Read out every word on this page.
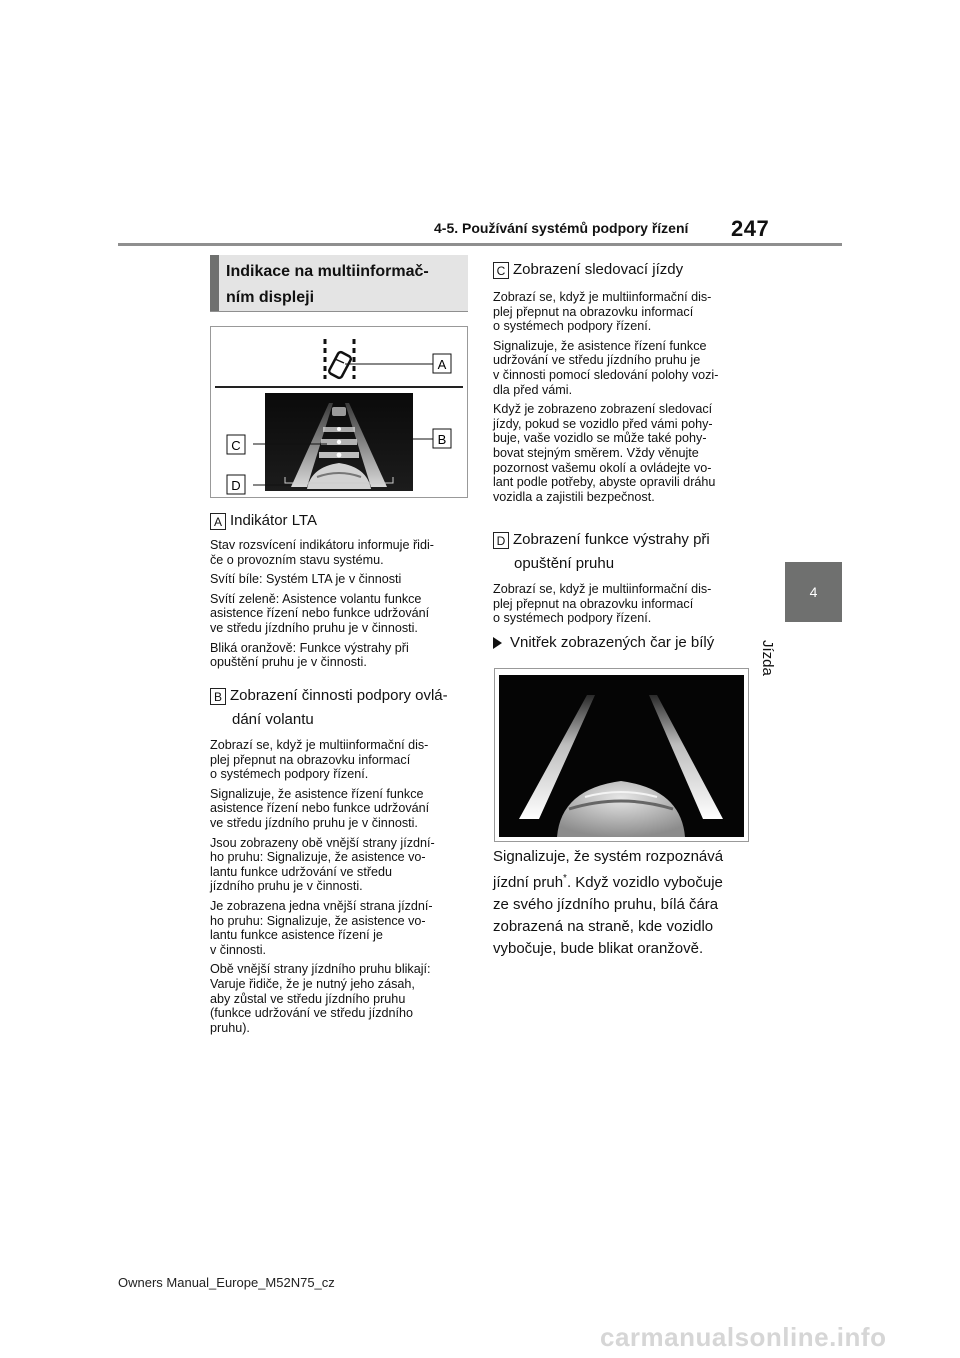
4-5. Používání systémů podpory řízení 247
4
Jízda
Indikace na multiinformač-
ním displeji
A
B
C
D
A Indikátor LTA
Stav rozsvícení indikátoru informuje řidi-
če o provozním stavu systému.
Svítí bíle: Systém LTA je v činnosti
Svítí zeleně: Asistence volantu funkce
asistence řízení nebo funkce udržování
ve středu jízdního pruhu je v činnosti.
Bliká oranžově: Funkce výstrahy při
opuštění pruhu je v činnosti.
B Zobrazení činnosti podpory ovlá-
dání volantu
Zobrazí se, když je multiinformační dis-
plej přepnut na obrazovku informací
o systémech podpory řízení.
Signalizuje, že asistence řízení funkce
asistence řízení nebo funkce udržování
ve středu jízdního pruhu je v činnosti.
Jsou zobrazeny obě vnější strany jízdní-
ho pruhu: Signalizuje, že asistence vo-
lantu funkce udržování ve středu
jízdního pruhu je v činnosti.
Je zobrazena jedna vnější strana jízdní-
ho pruhu: Signalizuje, že asistence vo-
lantu funkce asistence řízení je
v činnosti.
Obě vnější strany jízdního pruhu blikají:
Varuje řidiče, že je nutný jeho zásah,
aby zůstal ve středu jízdního pruhu
(funkce udržování ve středu jízdního
pruhu).
C Zobrazení sledovací jízdy
Zobrazí se, když je multiinformační dis-
plej přepnut na obrazovku informací
o systémech podpory řízení.
Signalizuje, že asistence řízení funkce
udržování ve středu jízdního pruhu je
v činnosti pomocí sledování polohy vozi-
dla před vámi.
Když je zobrazeno zobrazení sledovací
jízdy, pokud se vozidlo před vámi pohy-
buje, vaše vozidlo se může také pohy-
bovat stejným směrem. Vždy věnujte
pozornost vašemu okolí a ovládejte vo-
lant podle potřeby, abyste opravili dráhu
vozidla a zajistili bezpečnost.
D Zobrazení funkce výstrahy při
opuštění pruhu
Zobrazí se, když je multiinformační dis-
plej přepnut na obrazovku informací
o systémech podpory řízení.
Vnitřek zobrazených čar je bílý
Signalizuje, že systém rozpoznává
jízdní pruh*. Když vozidlo vybočuje
ze svého jízdního pruhu, bílá čára
zobrazená na straně, kde vozidlo
vybočuje, bude blikat oranžově.
Owners Manual_Europe_M52N75_cz
carmanualsonline.info
